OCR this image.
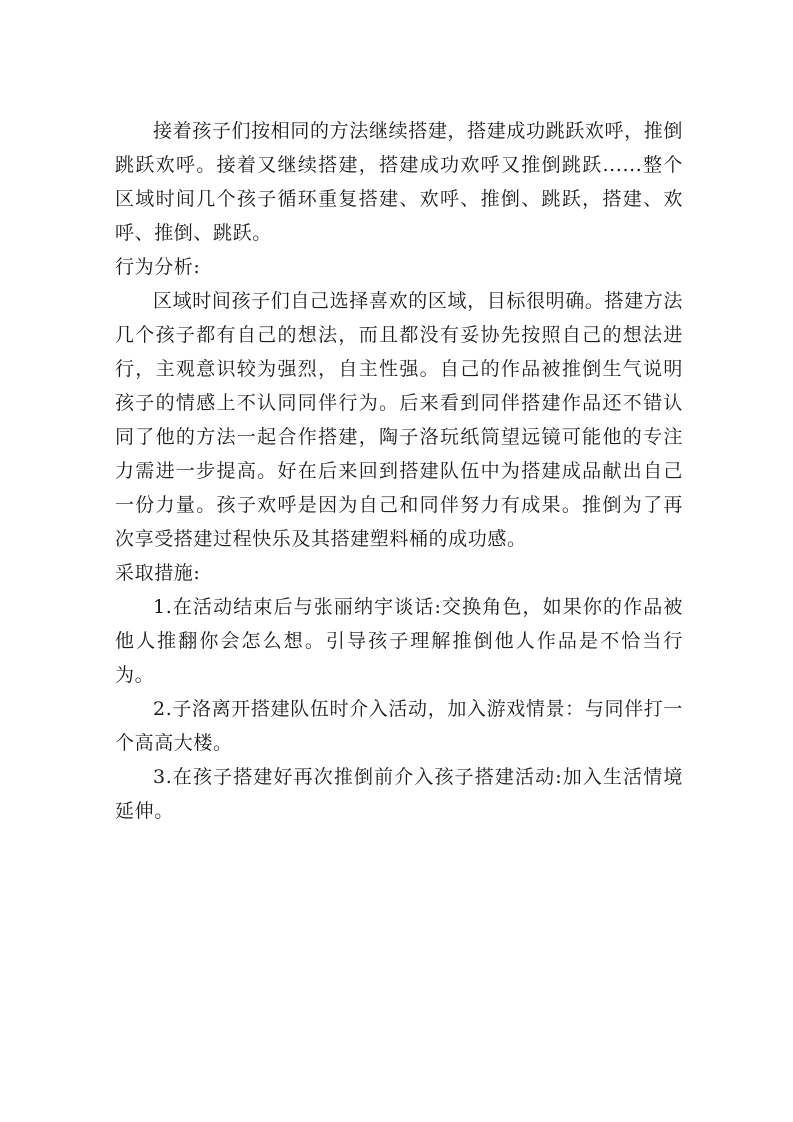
接着孩子们按相同的方法继续搭建，搭建成功跳跃欢呼，推倒跳跃欢呼。接着又继续搭建，搭建成功欢呼又推倒跳跃......整个区域时间几个孩子循环重复搭建、欢呼、推倒、跳跃，搭建、欢呼、推倒、跳跃。

行为分析:

区域时间孩子们自己选择喜欢的区域，目标很明确。搭建方法几个孩子都有自己的想法，而且都没有妥协先按照自己的想法进行，主观意识较为强烈，自主性强。自己的作品被推倒生气说明孩子的情感上不认同同伴行为。后来看到同伴搭建作品还不错认同了他的方法一起合作搭建，陶子洛玩纸筒望远镜可能他的专注力需进一步提高。好在后来回到搭建队伍中为搭建成品献出自己一份力量。孩子欢呼是因为自己和同伴努力有成果。推倒为了再次享受搭建过程快乐及其搭建塑料桶的成功感。

采取措施:

1.在活动结束后与张丽纳宇谈话:交换角色，如果你的作品被他人推翻你会怎么想。引导孩子理解推倒他人作品是不恰当行为。

2.子洛离开搭建队伍时介入活动，加入游戏情景：与同伴打一个高高大楼。

3.在孩子搭建好再次推倒前介入孩子搭建活动:加入生活情境延伸。
